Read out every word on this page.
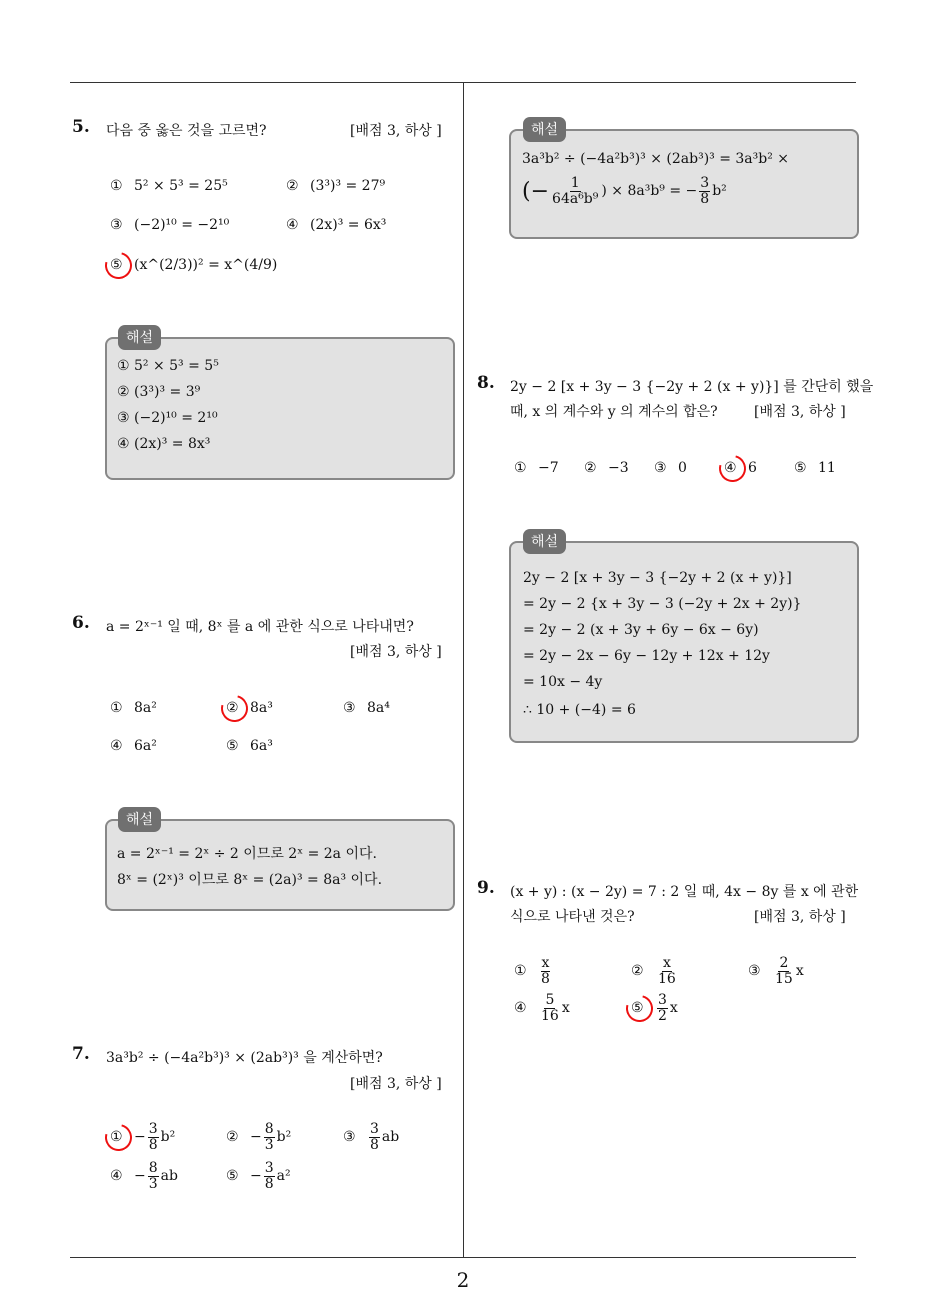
2
5. 다음 중 옳은 것을 고르면?	[배점 3, 하상 ]
① 5² × 5³ = 25⁵	② (3³)³ = 27⁹
③ (−2)¹⁰ = −2¹⁰	④ (2x)³ = 6x³
⑤ (x^(2/3))² = x^(4/9)
해설
① 5² × 5³ = 5⁵
② (3³)³ = 3⁹
③ (−2)¹⁰ = 2¹⁰
④ (2x)³ = 8x³
6. a = 2ˣ⁻¹ 일 때, 8ˣ 를 a 에 관한 식으로 나타내면?
[배점 3, 하상 ]
① 8a²	② 8a³	③ 8a⁴
④ 6a²	⑤ 6a³
해설
a = 2ˣ⁻¹ = 2ˣ ÷ 2 이므로 2ˣ = 2a 이다.
8ˣ = (2ˣ)³ 이므로 8ˣ = (2a)³ = 8a³ 이다.
7. 3a³b² ÷ (−4a²b³)³ × (2ab³)³ 을 계산하면?
[배점 3, 하상 ]
① − $\frac{3}{8} b^2$	② − $\frac{8}{3} b^2$	③ $\frac{3}{8}$ ab
④ − $\frac{8}{3}$ ab	⑤ − $\frac{3}{8} a^2$
해설
3a³b² ÷ (−4a²b³)³ × (2ab³)³ = 3a³b² ×
(− $\frac{1}{\text{64a⁶b⁹}}$ ) × 8a³b⁹ = − $\frac{3}{8} b^2$
8. 2y − 2 [x + 3y − 3 {−2y + 2 (x + y)}] 를 간단히 했을
때, x 의 계수와 y 의 계수의 합은?	[배점 3, 하상 ]
① −7 ② −3 ③ 0	④ 6	⑤ 11
해설
2y − 2 [x + 3y − 3 {−2y + 2 (x + y)}]
= 2y − 2 {x + 3y − 3 (−2y + 2x + 2y)}
= 2y − 2 (x + 3y + 6y − 6x − 6y)
= 2y − 2x − 6y − 12y + 12x + 12y
= 10x − 4y
∴ 10 + (−4) = 6
9. (x + y) : (x − 2y) = 7 : 2 일 때, 4x − 8y 를 x 에 관한
식으로 나타낸 것은?	[배점 3, 하상 ]
① $\frac{x}{8}$	② $\frac{x}{16}$	③ $\frac{2}{15}$ x
④ $\frac{5}{16}$ x	⑤ $\frac{3}{2}$ x
